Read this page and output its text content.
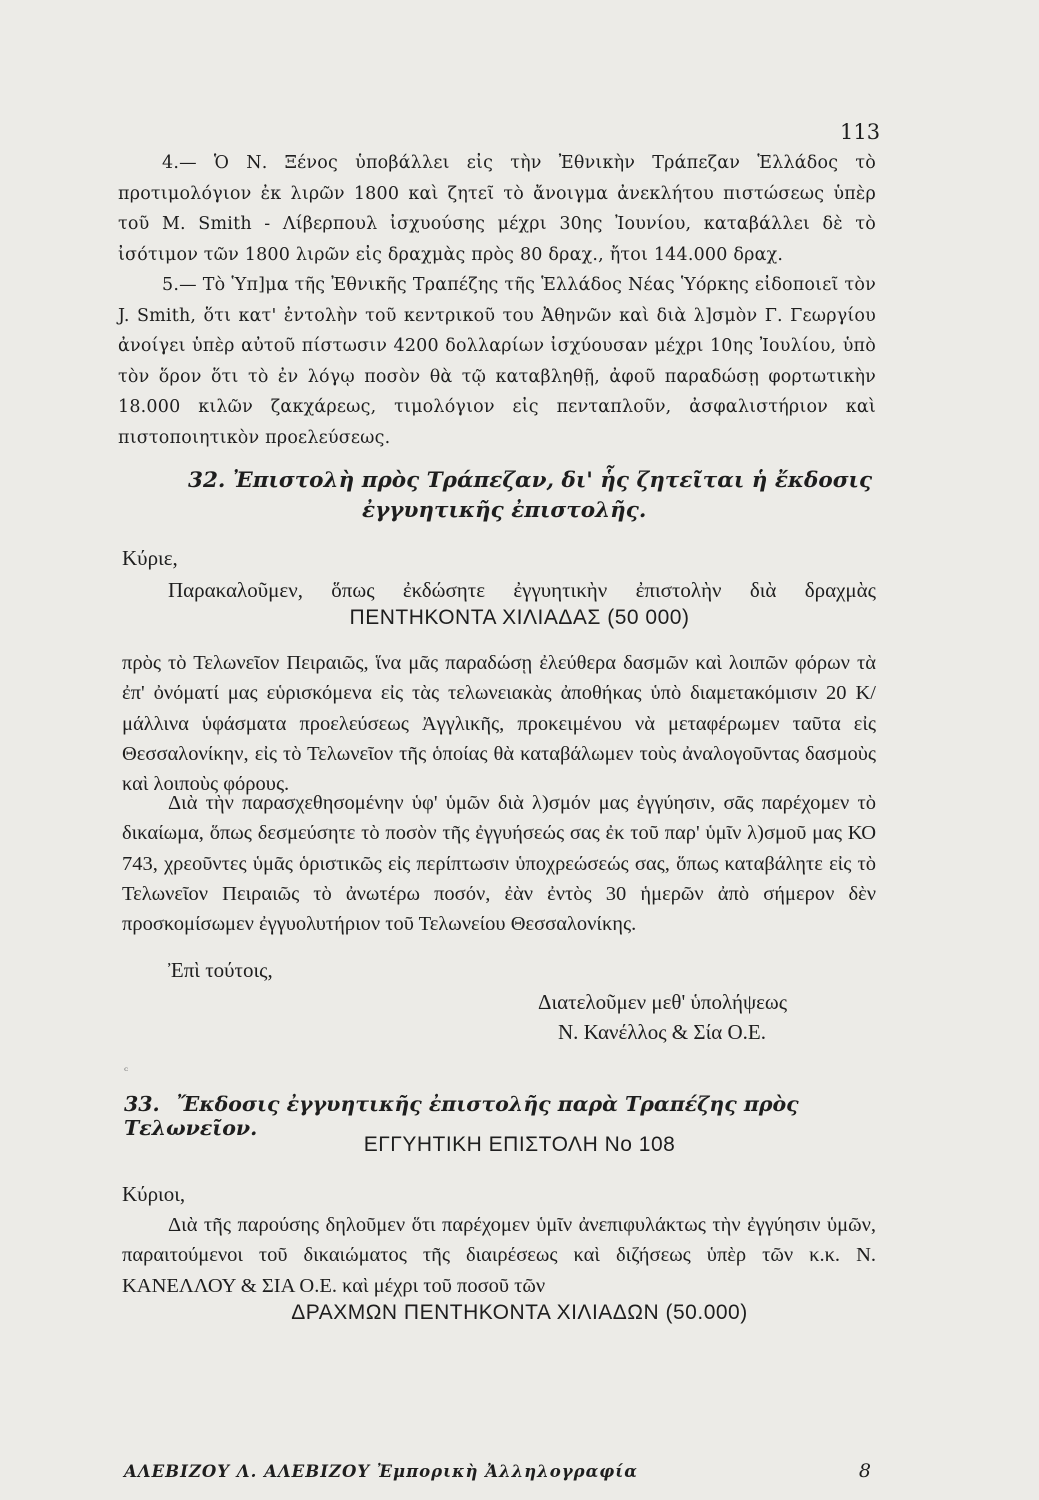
113

4.— Ὁ Ν. Ξένος ὑποβάλλει εἰς τὴν Ἐθνικὴν Τράπεζαν Ἑλλάδος τὸ προτιμολόγιον ἐκ λιρῶν 1800 καὶ ζητεῖ τὸ ἄνοιγμα ἀνεκλήτου πιστώσεως ὑπὲρ τοῦ Μ. Smith - Λίβερπουλ ἰσχυούσης μέχρι 30ης Ἰουνίου, καταβάλλει δὲ τὸ ἰσότιμον τῶν 1800 λιρῶν εἰς δραχμὰς πρὸς 80 δραχ., ἤτοι 144.000 δραχ.

5.— Τὸ Ὑπ]μα τῆς Ἐθνικῆς Τραπέζης τῆς Ἑλλάδος Νέας Ὑόρκης εἰδοποιεῖ τὸν J. Smith, ὅτι κατ' ἐντολὴν τοῦ κεντρικοῦ του Ἀθηνῶν καὶ διὰ λ]σμὸν Γ. Γεωργίου ἀνοίγει ὑπὲρ αὐτοῦ πίστωσιν 4200 δολλαρίων ἰσχύουσαν μέχρι 10ης Ἰουλίου, ὑπὸ τὸν ὅρον ὅτι τὸ ἐν λόγῳ ποσὸν θὰ τῷ καταβληθῇ, ἀφοῦ παραδώσῃ φορτωτικὴν 18.000 κιλῶν ζακχάρεως, τιμολόγιον εἰς πενταπλοῦν, ἀσφαλιστήριον καὶ πιστοποιητικὸν προελεύσεως.

32. Ἐπιστολὴ πρὸς Τράπεζαν, δι' ἧς ζητεῖται ἡ ἔκδοσις
ἐγγυητικῆς ἐπιστολῆς.
Κύριε,
Παρακαλοῦμεν, ὅπως ἐκδώσητε ἐγγυητικὴν ἐπιστολὴν διὰ δραχμὰς
ΠΕΝΤΗΚΟΝΤΑ ΧΙΛΙΑΔΑΣ (50 000)

πρὸς τὸ Τελωνεῖον Πειραιῶς, ἵνα μᾶς παραδώσῃ ἐλεύθερα δασμῶν καὶ λοιπῶν φόρων τὰ ἐπ' ὀνόματί μας εὑρισκόμενα εἰς τὰς τελωνειακὰς ἀποθήκας ὑπὸ διαμετακόμισιν 20 Κ/μάλλινα ὑφάσματα προελεύσεως Ἀγγλικῆς, προκειμένου νὰ μεταφέρωμεν ταῦτα εἰς Θεσσαλονίκην, εἰς τὸ Τελωνεῖον τῆς ὁποίας θὰ καταβάλωμεν τοὺς ἀναλογοῦντας δασμοὺς καὶ λοιποὺς φόρους.

Διὰ τὴν παρασχεθησομένην ὑφ' ὑμῶν διὰ λ)σμόν μας ἐγγύησιν, σᾶς παρέχομεν τὸ δικαίωμα, ὅπως δεσμεύσητε τὸ ποσὸν τῆς ἐγγυήσεώς σας ἐκ τοῦ παρ' ὑμῖν λ)σμοῦ μας ΚΟ 743, χρεοῦντες ὑμᾶς ὁριστικῶς εἰς περίπτωσιν ὑποχρεώσεώς σας, ὅπως καταβάλητε εἰς τὸ Τελωνεῖον Πειραιῶς τὸ ἀνωτέρω ποσόν, ἐὰν ἐντὸς 30 ἡμερῶν ἀπὸ σήμερον δὲν προσκομίσωμεν ἐγγυολυτήριον τοῦ Τελωνείου Θεσσαλονίκης.

Ἐπὶ τούτοις,
Διατελοῦμεν μεθ' ὑπολήψεως
Ν. Κανέλλος & Σία Ο.Ε.
ᶜ
33. Ἔκδοσις ἐγγυητικῆς ἐπιστολῆς παρὰ Τραπέζης πρὸς Τελωνεῖον.
ΕΓΓΥΗΤΙΚΗ ΕΠΙΣΤΟΛΗ Νο 108
Κύριοι,

Διὰ τῆς παρούσης δηλοῦμεν ὅτι παρέχομεν ὑμῖν ἀνεπιφυλάκτως τὴν ἐγγύησιν ὑμῶν, παραιτούμενοι τοῦ δικαιώματος τῆς διαιρέσεως καὶ διζήσεως ὑπὲρ τῶν κ.κ. Ν. ΚΑΝΕΛΛΟΥ & ΣΙΑ Ο.Ε. καὶ μέχρι τοῦ ποσοῦ τῶν

ΔΡΑΧΜΩΝ ΠΕΝΤΗΚΟΝΤΑ ΧΙΛΙΑΔΩΝ (50.000)
ΑΛΕΒΙΖΟΥ Λ. ΑΛΕΒΙΖΟΥ Ἐμπορικὴ Ἀλληλογραφία	8
